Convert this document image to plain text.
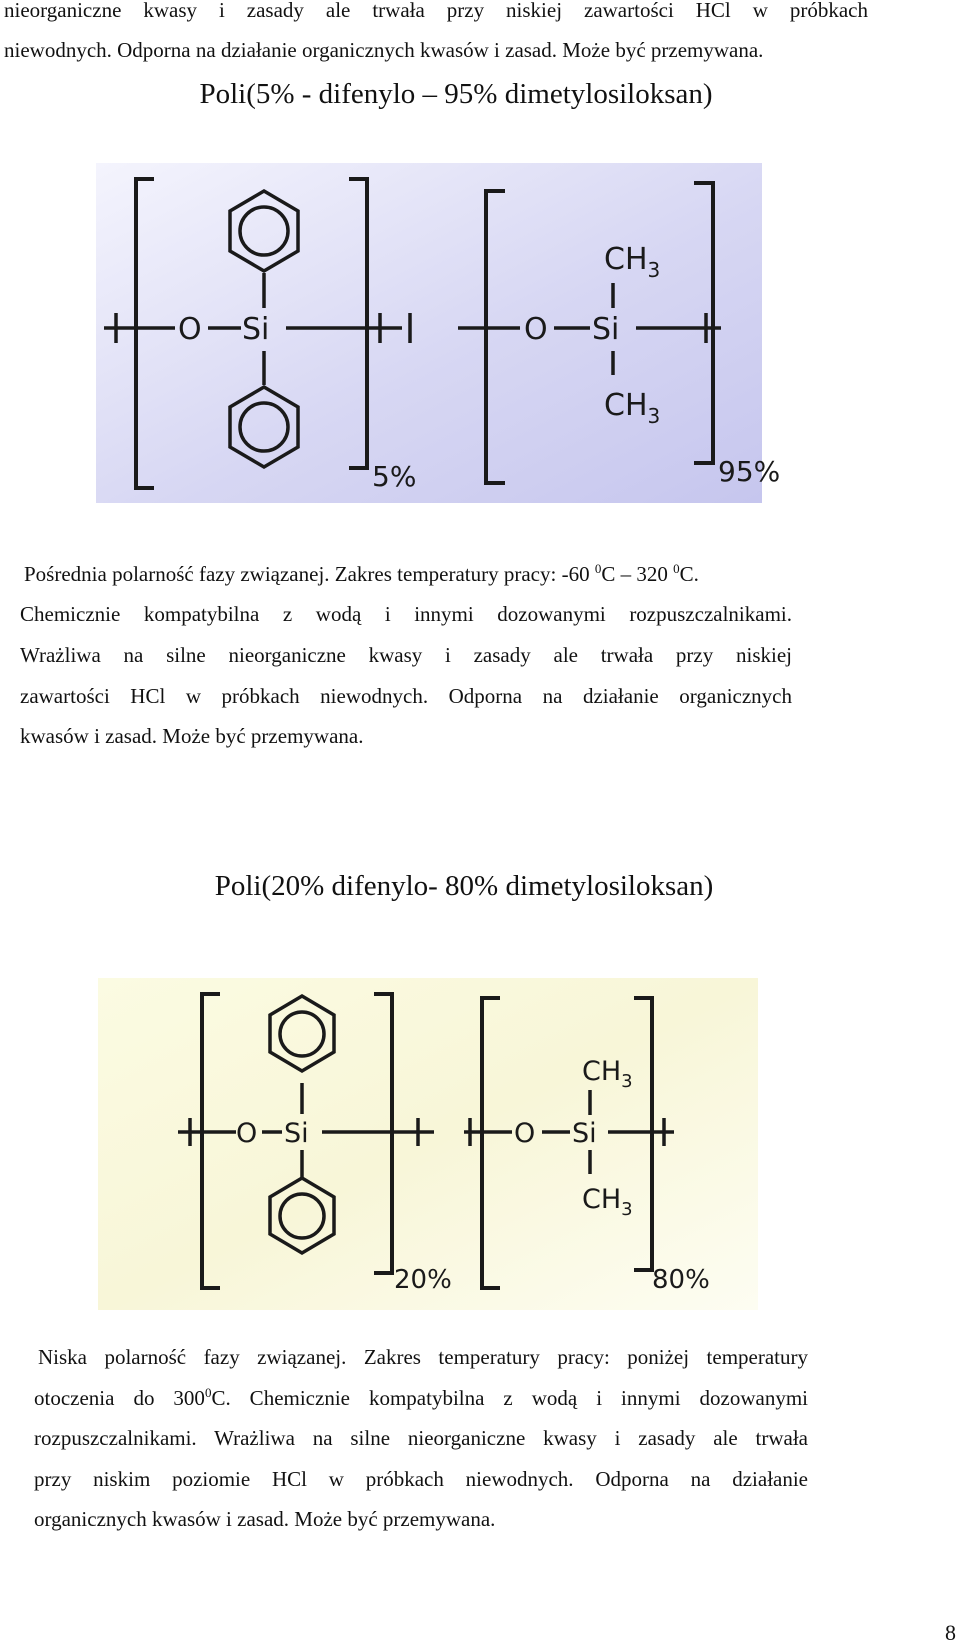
nieorganiczne kwasy i zasady ale trwała przy niskiej zawartości HCl w próbkach
niewodnych. Odporna na działanie organicznych kwasów i zasad. Może być przemywana.
Poli(5% - difenylo – 95% dimetylosiloksan)
O Si	O Si
$CH_3$
$CH_3$
5%	95%
Pośrednia polarność fazy związanej. Zakres temperatury pracy: -60 $^0$C – 320 $^0$C.
Chemicznie kompatybilna z wodą i innymi dozowanymi rozpuszczalnikami.
Wrażliwa na silne nieorganiczne kwasy i zasady ale trwała przy niskiej
zawartości HCl w próbkach niewodnych. Odporna na działanie organicznych
kwasów i zasad. Może być przemywana.
Poli(20% difenylo- 80% dimetylosiloksan)
O Si	O Si
$CH_3$
$CH_3$
20%	80%
Niska polarność fazy związanej. Zakres temperatury pracy: poniżej temperatury
otoczenia do $300^0C$. Chemicznie kompatybilna z wodą i innymi dozowanymi
rozpuszczalnikami. Wrażliwa na silne nieorganiczne kwasy i zasady ale trwała
przy niskim poziomie HCl w próbkach niewodnych. Odporna na działanie
organicznych kwasów i zasad. Może być przemywana.
8
